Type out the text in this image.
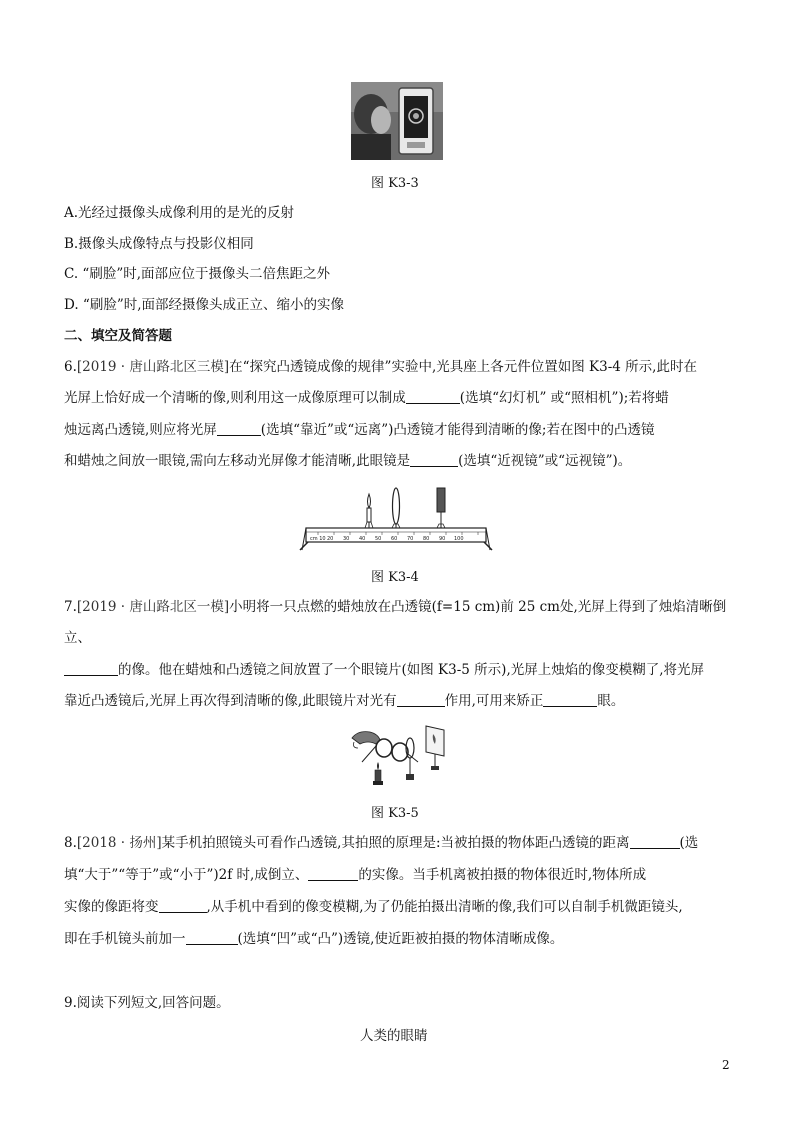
图 K3-3
A.光经过摄像头成像利用的是光的反射
B.摄像头成像特点与投影仪相同
C. “刷脸”时,面部应位于摄像头二倍焦距之外
D. “刷脸”时,面部经摄像头成正立、缩小的实像
二、填空及简答题
6.[2019 · 唐山路北区三模]在“探究凸透镜成像的规律”实验中,光具座上各元件位置如图 K3-4 所示,此时在
光屏上恰好成一个清晰的像,则利用这一成像原理可以制成	(选填“幻灯机” 或“照相机”);若将蜡
烛远离凸透镜,则应将光屏	(选填“靠近”或“远离”)凸透镜才能得到清晰的像;若在图中的凸透镜
和蜡烛之间放一眼镜,需向左移动光屏像才能清晰,此眼镜是	(选填“近视镜”或“远视镜”)。
cm 10 20 30 40 50 60 70 80 90 100
图 K3-4
7.[2019 · 唐山路北区一模]小明将一只点燃的蜡烛放在凸透镜(f=15 cm)前 25 cm处,光屏上得到了烛焰清晰倒
立、
的像。他在蜡烛和凸透镜之间放置了一个眼镜片(如图 K3-5 所示),光屏上烛焰的像变模糊了,将光屏
靠近凸透镜后,光屏上再次得到清晰的像,此眼镜片对光有	作用,可用来矫正	眼。
图 K3-5
8.[2018 · 扬州]某手机拍照镜头可看作凸透镜,其拍照的原理是:当被拍摄的物体距凸透镜的距离	(选
填“大于”“等于”或“小于”)2f 时,成倒立、	的实像。当手机离被拍摄的物体很近时,物体所成
实像的像距将变	,从手机中看到的像变模糊,为了仍能拍摄出清晰的像,我们可以自制手机微距镜头,
即在手机镜头前加一	(选填“凹”或“凸”)透镜,使近距被拍摄的物体清晰成像。
9.阅读下列短文,回答问题。
人类的眼睛
2
